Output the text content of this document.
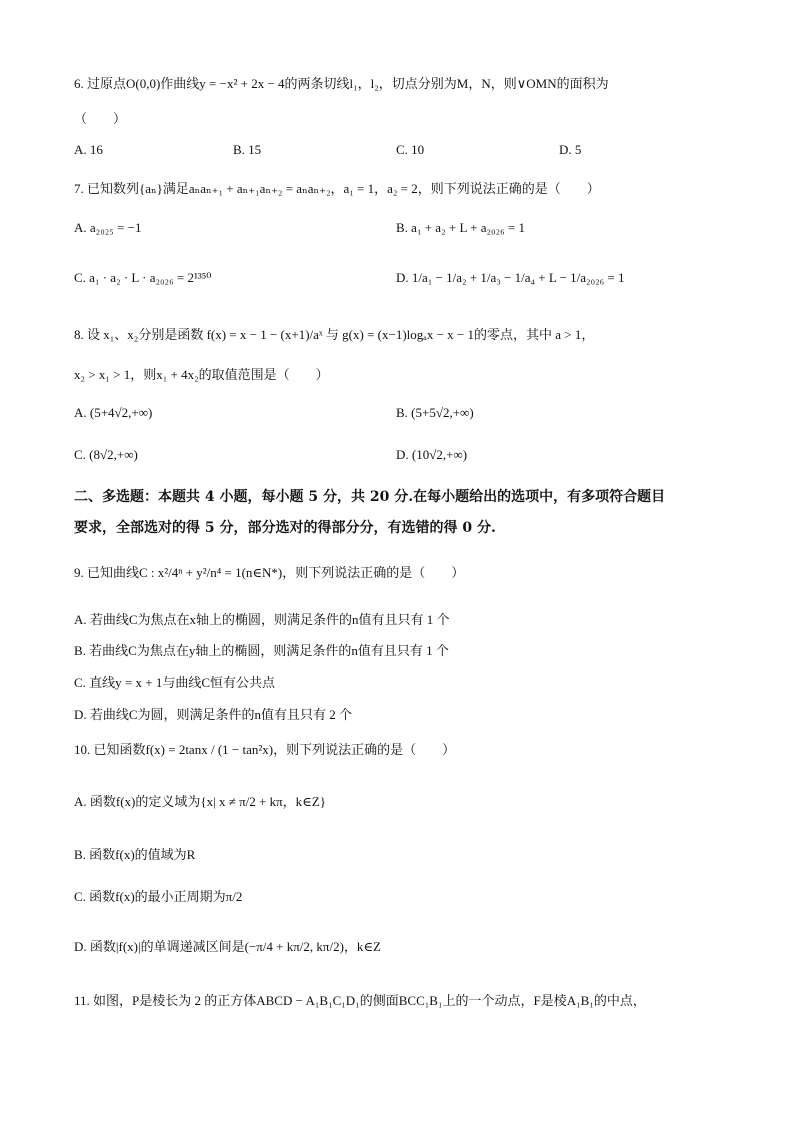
6. 过原点O(0,0)作曲线y = −x² + 2x − 4的两条切线l₁，l₂，切点分别为M，N，则∨OMN的面积为
（　　）
A. 16	B. 15	C. 10	D. 5
7. 已知数列{aₙ}满足aₙaₙ₊₁ + aₙ₊₁aₙ₊₂ = aₙaₙ₊₂，a₁ = 1，a₂ = 2，则下列说法正确的是（　　）
A. a₂₀₂₅ = −1	B. a₁ + a₂ + L + a₂₀₂₆ = 1
C. a₁ · a₂ · L · a₂₀₂₆ = 2¹³⁵⁰	D. 1/a₁ − 1/a₂ + 1/a₃ − 1/a₄ + L − 1/a₂₀₂₆ = 1
8. 设 x₁、x₂分别是函数 f(x) = x − 1 − (x+1)/aˣ 与 g(x) = (x−1)logₐx − x − 1的零点，其中 a > 1，
x₂ > x₁ > 1，则x₁ + 4x₂的取值范围是（　　）
A. (5+4√2,+∞)	B. (5+5√2,+∞)
C. (8√2,+∞)	D. (10√2,+∞)
二、多选题：本题共 4 小题，每小题 5 分，共 20 分.在每小题给出的选项中，有多项符合题目
要求，全部选对的得 5 分，部分选对的得部分分，有选错的得 0 分.
9. 已知曲线C : x²/4ⁿ + y²/n⁴ = 1(n∈N*)，则下列说法正确的是（　　）
A. 若曲线C为焦点在x轴上的椭圆，则满足条件的n值有且只有 1 个
B. 若曲线C为焦点在y轴上的椭圆，则满足条件的n值有且只有 1 个
C. 直线y = x + 1与曲线C恒有公共点
D. 若曲线C为圆，则满足条件的n值有且只有 2 个
10. 已知函数f(x) = 2tanx / (1 − tan²x)，则下列说法正确的是（　　）
A. 函数f(x)的定义域为{x| x ≠ π/2 + kπ，k∈Z}
B. 函数f(x)的值域为R
C. 函数f(x)的最小正周期为π/2
D. 函数|f(x)|的单调递减区间是(−π/4 + kπ/2, kπ/2)，k∈Z
11. 如图，P是棱长为 2 的正方体ABCD − A₁B₁C₁D₁的侧面BCC₁B₁上的一个动点，F是棱A₁B₁的中点，
